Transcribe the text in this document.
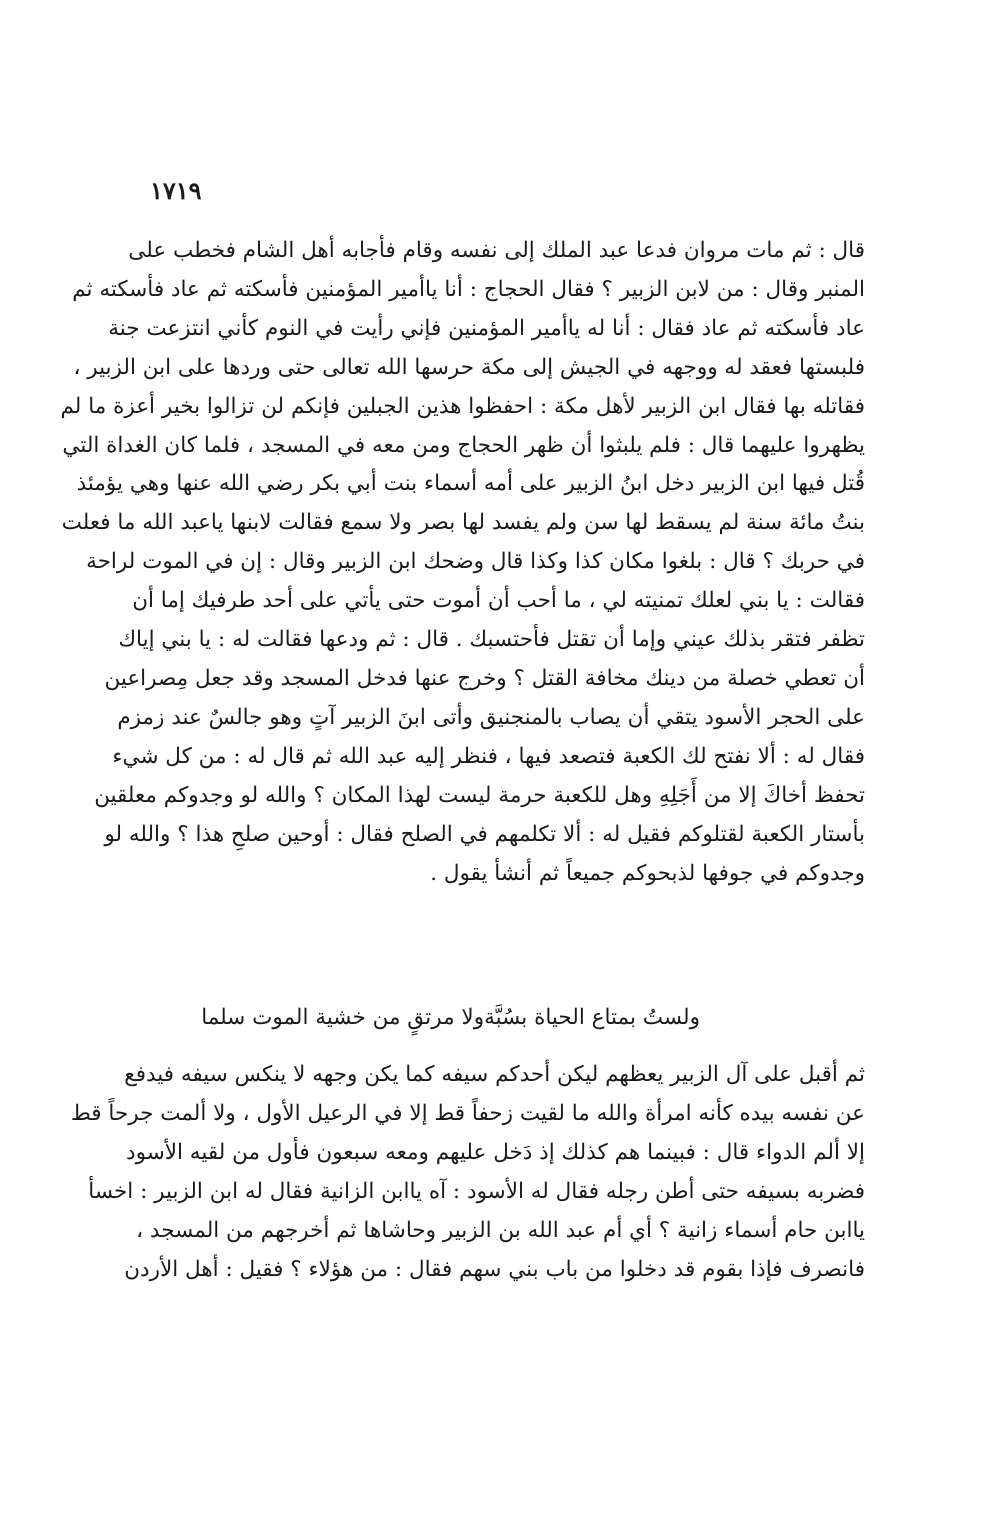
١٧١٩
قال : ثم مات مروان فدعا عبد الملك إلى نفسه وقام فأجابه أهل الشام فخطب على
المنبر وقال : من لابن الزبير ؟ فقال الحجاج : أنا ياأمير المؤمنين فأسكته ثم عاد فأسكته ثم
عاد فأسكته ثم عاد فقال : أنا له ياأمير المؤمنين فإني رأيت في النوم كأني انتزعت جنة
فلبستها فعقد له ووجهه في الجيش إلى مكة حرسها الله تعالى حتى وردها على ابن الزبير ،
فقاتله بها فقال ابن الزبير لأهل مكة : احفظوا هذين الجبلين فإنكم لن تزالوا بخير أعزة ما لم
يظهروا عليهما قال : فلم يلبثوا أن ظهر الحجاج ومن معه في المسجد ، فلما كان الغداة التي
قُتل فيها ابن الزبير دخل ابنُ الزبير على أمه أسماء بنت أبي بكر رضي الله عنها وهي يؤمئذ
بنتُ مائة سنة لم يسقط لها سن ولم يفسد لها بصر ولا سمع فقالت لابنها ياعبد الله ما فعلت
في حربك ؟ قال : بلغوا مكان كذا وكذا قال وضحك ابن الزبير وقال : إن في الموت لراحة
فقالت : يا بني لعلك تمنيته لي ، ما أحب أن أموت حتى يأتي على أحد طرفيك إما أن
تظفر فتقر بذلك عيني وإما أن تقتل فأحتسبك . قال : ثم ودعها فقالت له : يا بني إياك
أن تعطي خصلة من دينك مخافة القتل ؟ وخرج عنها فدخل المسجد وقد جعل مِصراعين
على الحجر الأسود يتقي أن يصاب بالمنجنيق وأتى ابنَ الزبير آتٍ وهو جالسٌ عند زمزم
فقال له : ألا نفتح لك الكعبة فتصعد فيها ، فنظر إليه عبد الله ثم قال له : من كل شيء
تحفظ أخاكَ إلا من أَجَلِهِ وهل للكعبة حرمة ليست لهذا المكان ؟ والله لو وجدوكم معلقين
بأستار الكعبة لقتلوكم فقيل له : ألا تكلمهم في الصلح فقال : أوحين صلحِ هذا ؟ والله لو
وجدوكم في جوفها لذبحوكم جميعاً ثم أنشأ يقول .
ولستُ بمتاع الحياة بسُبَّة
ولا مرتقٍ من خشية الموت سلما
ثم أقبل على آل الزبير يعظهم ليكن أحدكم سيفه كما يكن وجهه لا ينكس سيفه فيدفع
عن نفسه بيده كأنه امرأة والله ما لقيت زحفاً قط إلا في الرعيل الأول ، ولا ألمت جرحاً قط
إلا ألم الدواء قال : فبينما هم كذلك إذ دَخل عليهم ومعه سبعون فأول من لقيه الأسود
فضربه بسيفه حتى أطن رجله فقال له الأسود : آه ياابن الزانية فقال له ابن الزبير : اخسأ
ياابن حام أسماء زانية ؟ أي أم عبد الله بن الزبير وحاشاها ثم أخرجهم من المسجد ،
فانصرف فإذا بقوم قد دخلوا من باب بني سهم فقال : من هؤلاء ؟ فقيل : أهل الأردن
